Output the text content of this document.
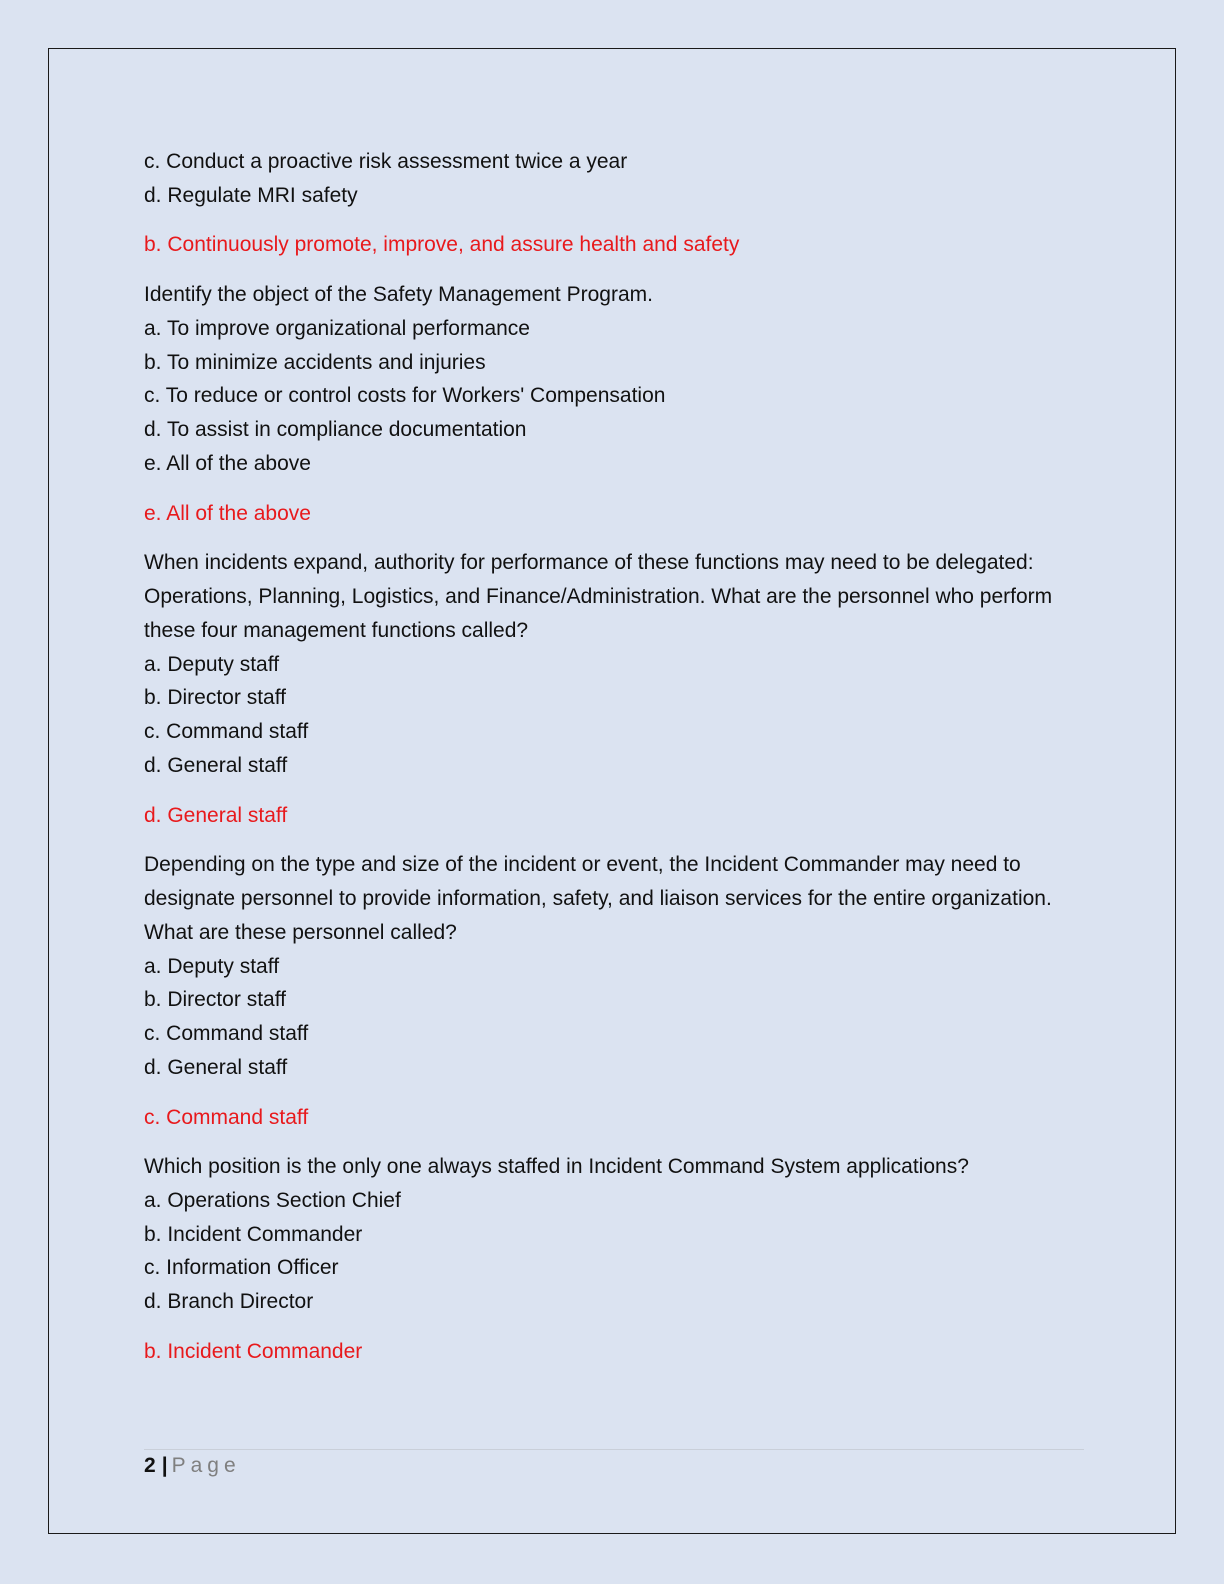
c. Conduct a proactive risk assessment twice a year
d. Regulate MRI safety
b. Continuously promote, improve, and assure health and safety
Identify the object of the Safety Management Program.
a. To improve organizational performance
b. To minimize accidents and injuries
c. To reduce or control costs for Workers' Compensation
d. To assist in compliance documentation
e. All of the above
e. All of the above
When incidents expand, authority for performance of these functions may need to be delegated: Operations, Planning, Logistics, and Finance/Administration. What are the personnel who perform these four management functions called?
a. Deputy staff
b. Director staff
c. Command staff
d. General staff
d. General staff
Depending on the type and size of the incident or event, the Incident Commander may need to designate personnel to provide information, safety, and liaison services for the entire organization. What are these personnel called?
a. Deputy staff
b. Director staff
c. Command staff
d. General staff
c. Command staff
Which position is the only one always staffed in Incident Command System applications?
a. Operations Section Chief
b. Incident Commander
c. Information Officer
d. Branch Director
b. Incident Commander
2 | Page
